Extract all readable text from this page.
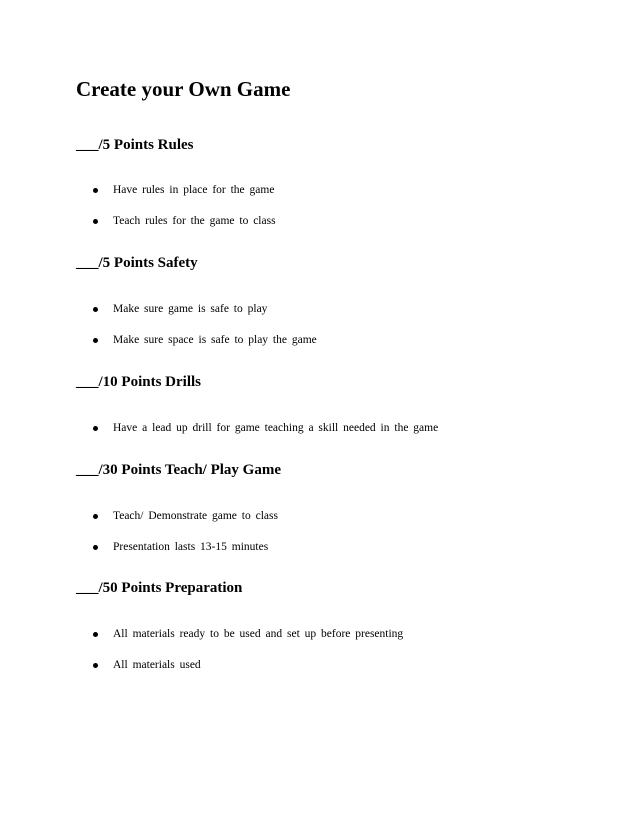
Create your Own Game
___/5 Points Rules
Have rules in place for the game
Teach rules for the game to class
___/5 Points Safety
Make sure game is safe to play
Make sure space is safe to play the game
___/10 Points Drills
Have a lead up drill for game teaching a skill needed in the game
___/30 Points Teach/ Play Game
Teach/ Demonstrate game to class
Presentation lasts 13-15 minutes
___/50 Points Preparation
All materials ready to be used and set up before presenting
All materials used
